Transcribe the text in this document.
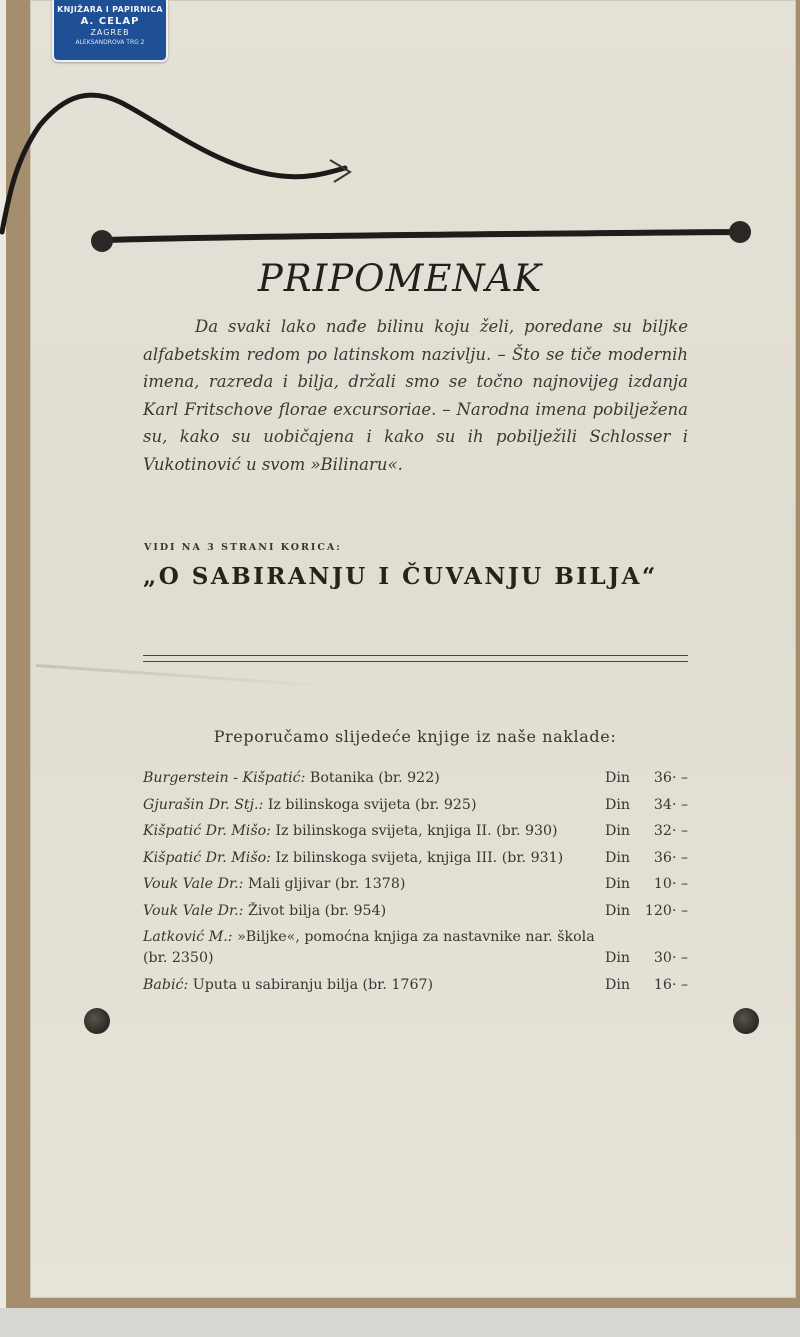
KNJIŽARA I PAPIRNICA
A. CELAP
ZAGREB
ALEKSANDROVA TRG 2
PRIPOMENAK
Da svaki lako nađe bilinu koju želi, poredane su biljke alfabetskim redom po latinskom nazivlju. – Što se tiče modernih imena, razreda i bilja, držali smo se točno najnovijeg izdanja Karl Fritschove florae excursoriae. – Narodna imena pobilježena su, kako su uobičajena i kako su ih pobilježili Schlosser i Vukotinović u svom »Bilinaru«.
VIDI NA 3 STRANI KORICA:
„O SABIRANJU I ČUVANJU BILJA“
Preporučamo slijedeće knjige iz naše naklade:
Burgerstein - Kišpatić: Botanika (br. 922)	Din 36· –
Gjurašin Dr. Stj.: Iz bilinskoga svijeta (br. 925)	Din 34· –
Kišpatić Dr. Mišo: Iz bilinskoga svijeta, knjiga II. (br. 930)	Din 32· –
Kišpatić Dr. Mišo: Iz bilinskoga svijeta, knjiga III. (br. 931)	Din 36· –
Vouk Vale Dr.: Mali gljivar (br. 1378)	Din 10· –
Vouk Vale Dr.: Život bilja (br. 954)	Din 120· –
Latković M.: »Biljke«, pomoćna knjiga za nastavnike nar. škola (br. 2350)	Din 30· –
Babić: Uputa u sabiranju bilja (br. 1767)	Din 16· –
